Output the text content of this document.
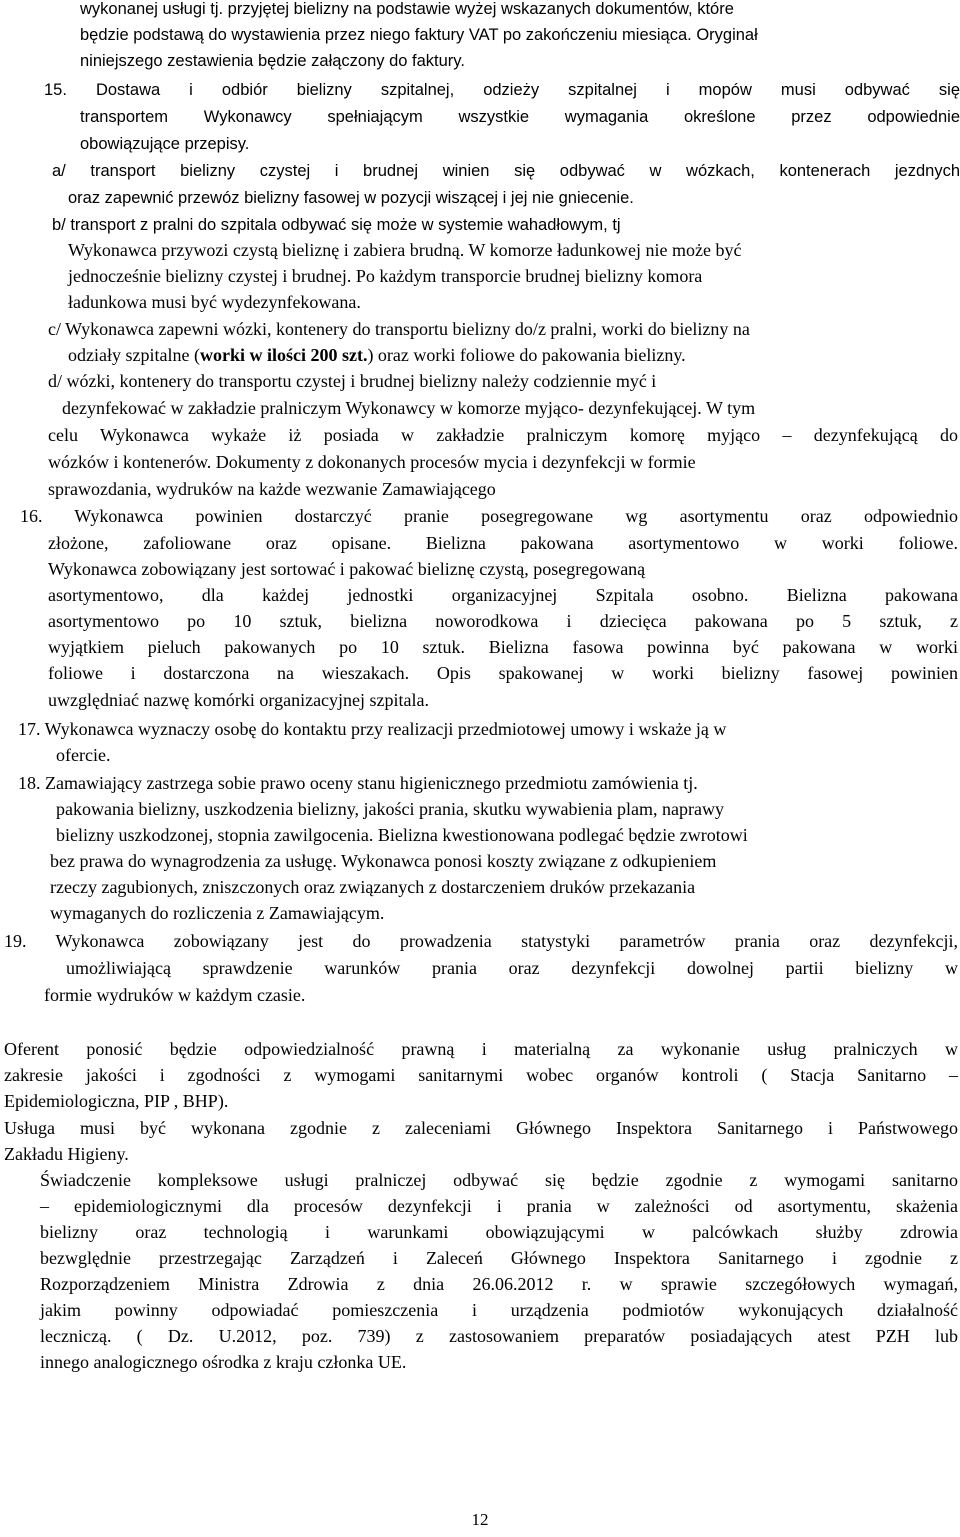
wykonanej usługi tj. przyjętej bielizny na podstawie wyżej wskazanych dokumentów, które
będzie podstawą do wystawienia przez niego faktury VAT po zakończeniu miesiąca. Oryginał
niniejszego zestawienia będzie załączony do faktury.
15. Dostawa i odbiór bielizny szpitalnej, odzieży szpitalnej i mopów musi odbywać się
transportem Wykonawcy spełniającym wszystkie wymagania określone przez odpowiednie
obowiązujące przepisy.
a/ transport bielizny czystej i brudnej winien się odbywać w wózkach, kontenerach jezdnych
oraz zapewnić przewóz bielizny fasowej w pozycji wiszącej i jej nie gniecenie.
b/ transport z pralni do szpitala odbywać się może w systemie wahadłowym, tj
Wykonawca przywozi czystą bieliznę i zabiera brudną. W komorze ładunkowej nie może być
jednocześnie bielizny czystej i brudnej. Po każdym transporcie brudnej bielizny komora
ładunkowa musi być wydezynfekowana.
c/ Wykonawca zapewni wózki, kontenery do transportu bielizny do/z pralni, worki do bielizny na
odziały szpitalne (worki w ilości 200 szt.) oraz worki foliowe do pakowania bielizny.
d/ wózki, kontenery do transportu czystej i brudnej bielizny należy codziennie myć i
dezynfekować w zakładzie pralniczym Wykonawcy w komorze myjąco- dezynfekującej. W tym
celu Wykonawca wykaże iż posiada w zakładzie pralniczym komorę myjąco – dezynfekującą do
wózków i kontenerów. Dokumenty z dokonanych procesów mycia i dezynfekcji w formie
sprawozdania, wydruków na każde wezwanie Zamawiającego
16. Wykonawca powinien dostarczyć pranie posegregowane wg asortymentu oraz odpowiednio
złożone, zafoliowane oraz opisane. Bielizna pakowana asortymentowo w worki foliowe.
Wykonawca zobowiązany jest sortować i pakować bieliznę czystą, posegregowaną
asortymentowo, dla każdej jednostki organizacyjnej Szpitala osobno. Bielizna pakowana
asortymentowo po 10 sztuk, bielizna noworodkowa i dziecięca pakowana po 5 sztuk, z
wyjątkiem pieluch pakowanych po 10 sztuk. Bielizna fasowa powinna być pakowana w worki
foliowe i dostarczona na wieszakach. Opis spakowanej w worki bielizny fasowej powinien
uwzględniać nazwę komórki organizacyjnej szpitala.
17. Wykonawca wyznaczy osobę do kontaktu przy realizacji przedmiotowej umowy i wskaże ją w
ofercie.
18. Zamawiający zastrzega sobie prawo oceny stanu higienicznego przedmiotu zamówienia tj.
pakowania bielizny, uszkodzenia bielizny, jakości prania, skutku wywabienia plam, naprawy
bielizny uszkodzonej, stopnia zawilgocenia. Bielizna kwestionowana podlegać będzie zwrotowi
bez prawa do wynagrodzenia za usługę. Wykonawca ponosi koszty związane z odkupieniem
rzeczy zagubionych, zniszczonych oraz związanych z dostarczeniem druków przekazania
wymaganych do rozliczenia z Zamawiającym.
19. Wykonawca zobowiązany jest do prowadzenia statystyki parametrów prania oraz dezynfekcji,
umożliwiającą sprawdzenie warunków prania oraz dezynfekcji dowolnej partii bielizny w
formie wydruków w każdym czasie.
Oferent ponosić będzie odpowiedzialność prawną i materialną za wykonanie usług pralniczych w
zakresie jakości i zgodności z wymogami sanitarnymi wobec organów kontroli ( Stacja Sanitarno –
Epidemiologiczna, PIP , BHP).
Usługa musi być wykonana zgodnie z zaleceniami Głównego Inspektora Sanitarnego i Państwowego
Zakładu Higieny.
Świadczenie kompleksowe usługi pralniczej odbywać się będzie zgodnie z wymogami sanitarno
– epidemiologicznymi dla procesów dezynfekcji i prania w zależności od asortymentu, skażenia
bielizny oraz technologią i warunkami obowiązującymi w palcówkach służby zdrowia
bezwględnie przestrzegając Zarządzeń i Zaleceń Głównego Inspektora Sanitarnego i zgodnie z
Rozporządzeniem Ministra Zdrowia z dnia 26.06.2012 r. w sprawie szczegółowych wymagań,
jakim powinny odpowiadać pomieszczenia i urządzenia podmiotów wykonujących działalność
leczniczą. ( Dz. U.2012, poz. 739) z zastosowaniem preparatów posiadających atest PZH lub
innego analogicznego ośrodka z kraju członka UE.
12
